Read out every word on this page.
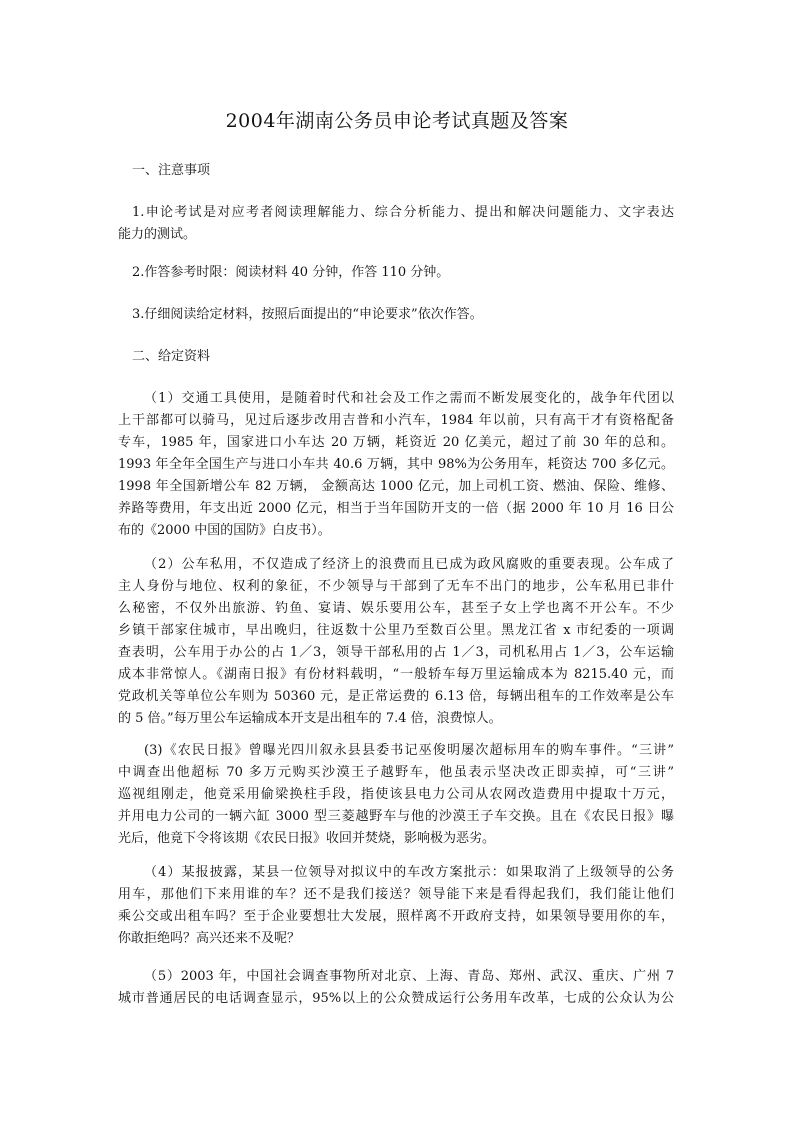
2004年湖南公务员申论考试真题及答案
一、注意事项
1.申论考试是对应考者阅读理解能力、综合分析能力、提出和解决问题能力、文字表达
能力的测试。
2.作答参考时限：阅读材料 40 分钟，作答 110 分钟。
3.仔细阅读给定材料，按照后面提出的“申论要求”依次作答。
二、给定资料
（1）交通工具使用，是随着时代和社会及工作之需而不断发展变化的，战争年代团以
上干部都可以骑马，见过后逐步改用吉普和小汽车，1984 年以前，只有高干才有资格配备
专车，1985 年，国家进口小车达 20 万辆，耗资近 20 亿美元，超过了前 30 年的总和。
1993 年全年全国生产与进口小车共 40.6 万辆，其中 98%为公务用车，耗资达 700 多亿元。
1998 年全国新增公车 82 万辆， 金额高达 1000 亿元，加上司机工资、燃油、保险、维修、
养路等费用，年支出近 2000 亿元，相当于当年国防开支的一倍（据 2000 年 10 月 16 日公
布的《2000 中国的国防》白皮书）。
（2）公车私用，不仅造成了经济上的浪费而且已成为政风腐败的重要表现。公车成了
主人身份与地位、权利的象征，不少领导与干部到了无车不出门的地步，公车私用已非什
么秘密，不仅外出旅游、钓鱼、宴请、娱乐要用公车，甚至子女上学也离不开公车。不少
乡镇干部家住城市，早出晚归，往返数十公里乃至数百公里。黑龙江省 x 市纪委的一项调
查表明，公车用于办公的占 1／3，领导干部私用的占 1／3，司机私用占 1／3，公车运输
成本非常惊人。《湖南日报》有份材料载明，“一般轿车每万里运输成本为 8215.40 元，而
党政机关等单位公车则为 50360 元，是正常运费的 6.13 倍，每辆出租车的工作效率是公车
的 5 倍。”每万里公车运输成本开支是出租车的 7.4 倍，浪费惊人。
(3)《农民日报》曾曝光四川叙永县县委书记巫俊明屡次超标用车的购车事件。“三讲”
中调查出他超标 70 多万元购买沙漠王子越野车，他虽表示坚决改正即卖掉，可“三讲”
巡视组刚走，他竟采用偷梁换柱手段，指使该县电力公司从农网改造费用中提取十万元，
并用电力公司的一辆六缸 3000 型三菱越野车与他的沙漠王子车交换。且在《农民日报》曝
光后，他竟下令将该期《农民日报》收回并焚烧，影响极为恶劣。
（4）某报披露，某县一位领导对拟议中的车改方案批示：如果取消了上级领导的公务
用车，那他们下来用谁的车？还不是我们接送？领导能下来是看得起我们，我们能让他们
乘公交或出租车吗？至于企业要想壮大发展，照样离不开政府支持，如果领导要用你的车，
你敢拒绝吗？高兴还来不及呢？
（5）2003 年，中国社会调查事物所对北京、上海、青岛、郑州、武汉、重庆、广州 7
城市普通居民的电话调查显示，95%以上的公众赞成运行公务用车改革，七成的公众认为公
